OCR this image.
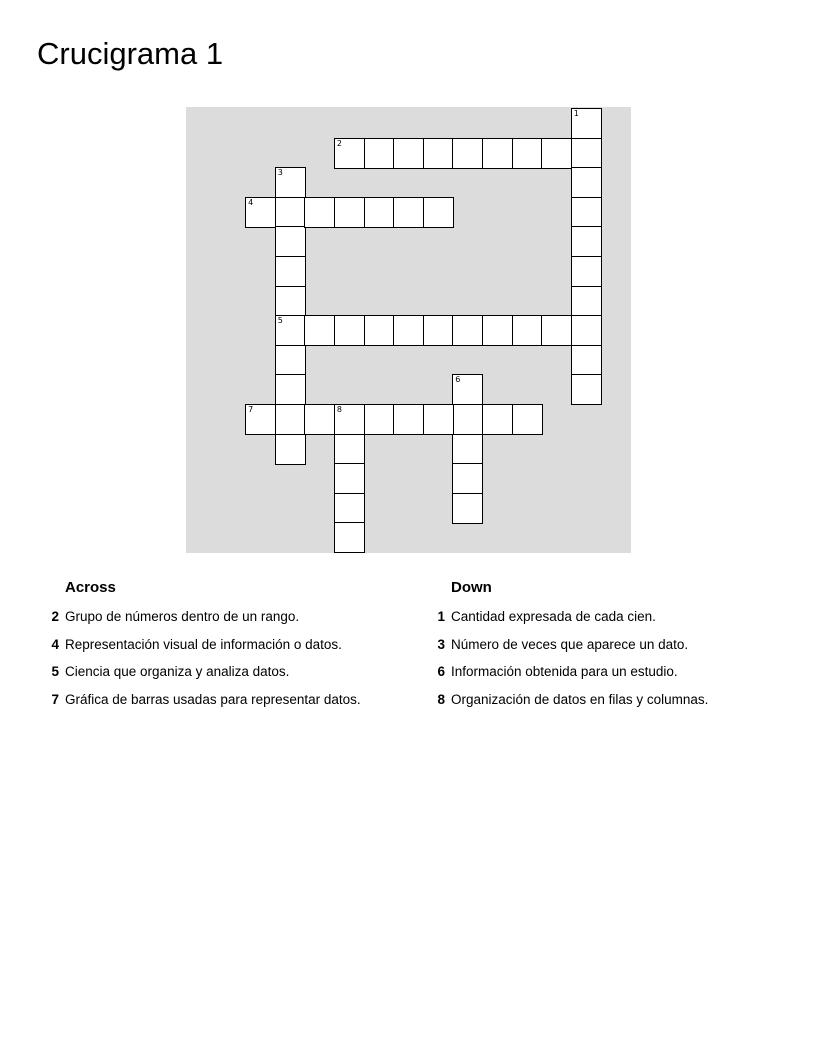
Crucigrama 1
1
2
3
5
4
6
7	8
Across	Down
2 Grupo de números dentro de un rango.
4 Representación visual de información o datos.
5 Ciencia que organiza y analiza datos.
7 Gráfica de barras usadas para representar datos.
1 Cantidad expresada de cada cien.
3 Número de veces que aparece un dato.
6 Información obtenida para un estudio.
8 Organización de datos en filas y columnas.
